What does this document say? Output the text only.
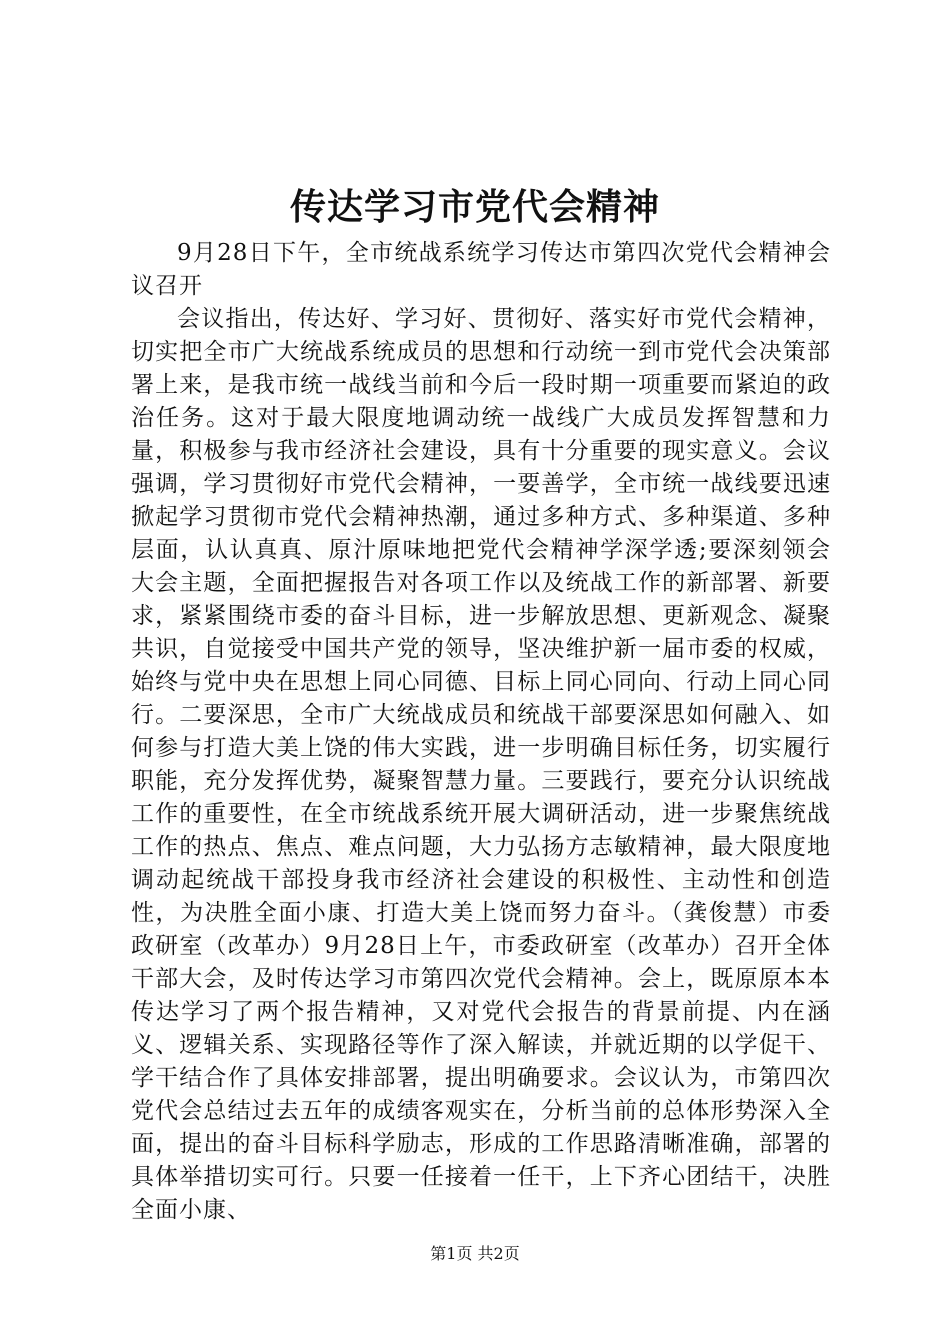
传达学习市党代会精神

9月28日下午，全市统战系统学习传达市第四次党代会精神会议召开

会议指出，传达好、学习好、贯彻好、落实好市党代会精神，切实把全市广大统战系统成员的思想和行动统一到市党代会决策部署上来，是我市统一战线当前和今后一段时期一项重要而紧迫的政治任务。这对于最大限度地调动统一战线广大成员发挥智慧和力量，积极参与我市经济社会建设，具有十分重要的现实意义。会议强调，学习贯彻好市党代会精神，一要善学，全市统一战线要迅速掀起学习贯彻市党代会精神热潮，通过多种方式、多种渠道、多种层面，认认真真、原汁原味地把党代会精神学深学透;要深刻领会大会主题，全面把握报告对各项工作以及统战工作的新部署、新要求，紧紧围绕市委的奋斗目标，进一步解放思想、更新观念、凝聚共识，自觉接受中国共产党的领导，坚决维护新一届市委的权威，始终与党中央在思想上同心同德、目标上同心同向、行动上同心同行。二要深思，全市广大统战成员和统战干部要深思如何融入、如何参与打造大美上饶的伟大实践，进一步明确目标任务，切实履行职能，充分发挥优势，凝聚智慧力量。三要践行，要充分认识统战工作的重要性，在全市统战系统开展大调研活动，进一步聚焦统战工作的热点、焦点、难点问题，大力弘扬方志敏精神，最大限度地调动起统战干部投身我市经济社会建设的积极性、主动性和创造性，为决胜全面小康、打造大美上饶而努力奋斗。（龚俊慧）市委政研室（改革办）9月28日上午，市委政研室（改革办）召开全体干部大会，及时传达学习市第四次党代会精神。会上，既原原本本传达学习了两个报告精神，又对党代会报告的背景前提、内在涵义、逻辑关系、实现路径等作了深入解读，并就近期的以学促干、学干结合作了具体安排部署，提出明确要求。会议认为，市第四次党代会总结过去五年的成绩客观实在，分析当前的总体形势深入全面，提出的奋斗目标科学励志，形成的工作思路清晰准确，部署的具体举措切实可行。只要一任接着一任干，上下齐心团结干，决胜全面小康、

第1页 共2页
